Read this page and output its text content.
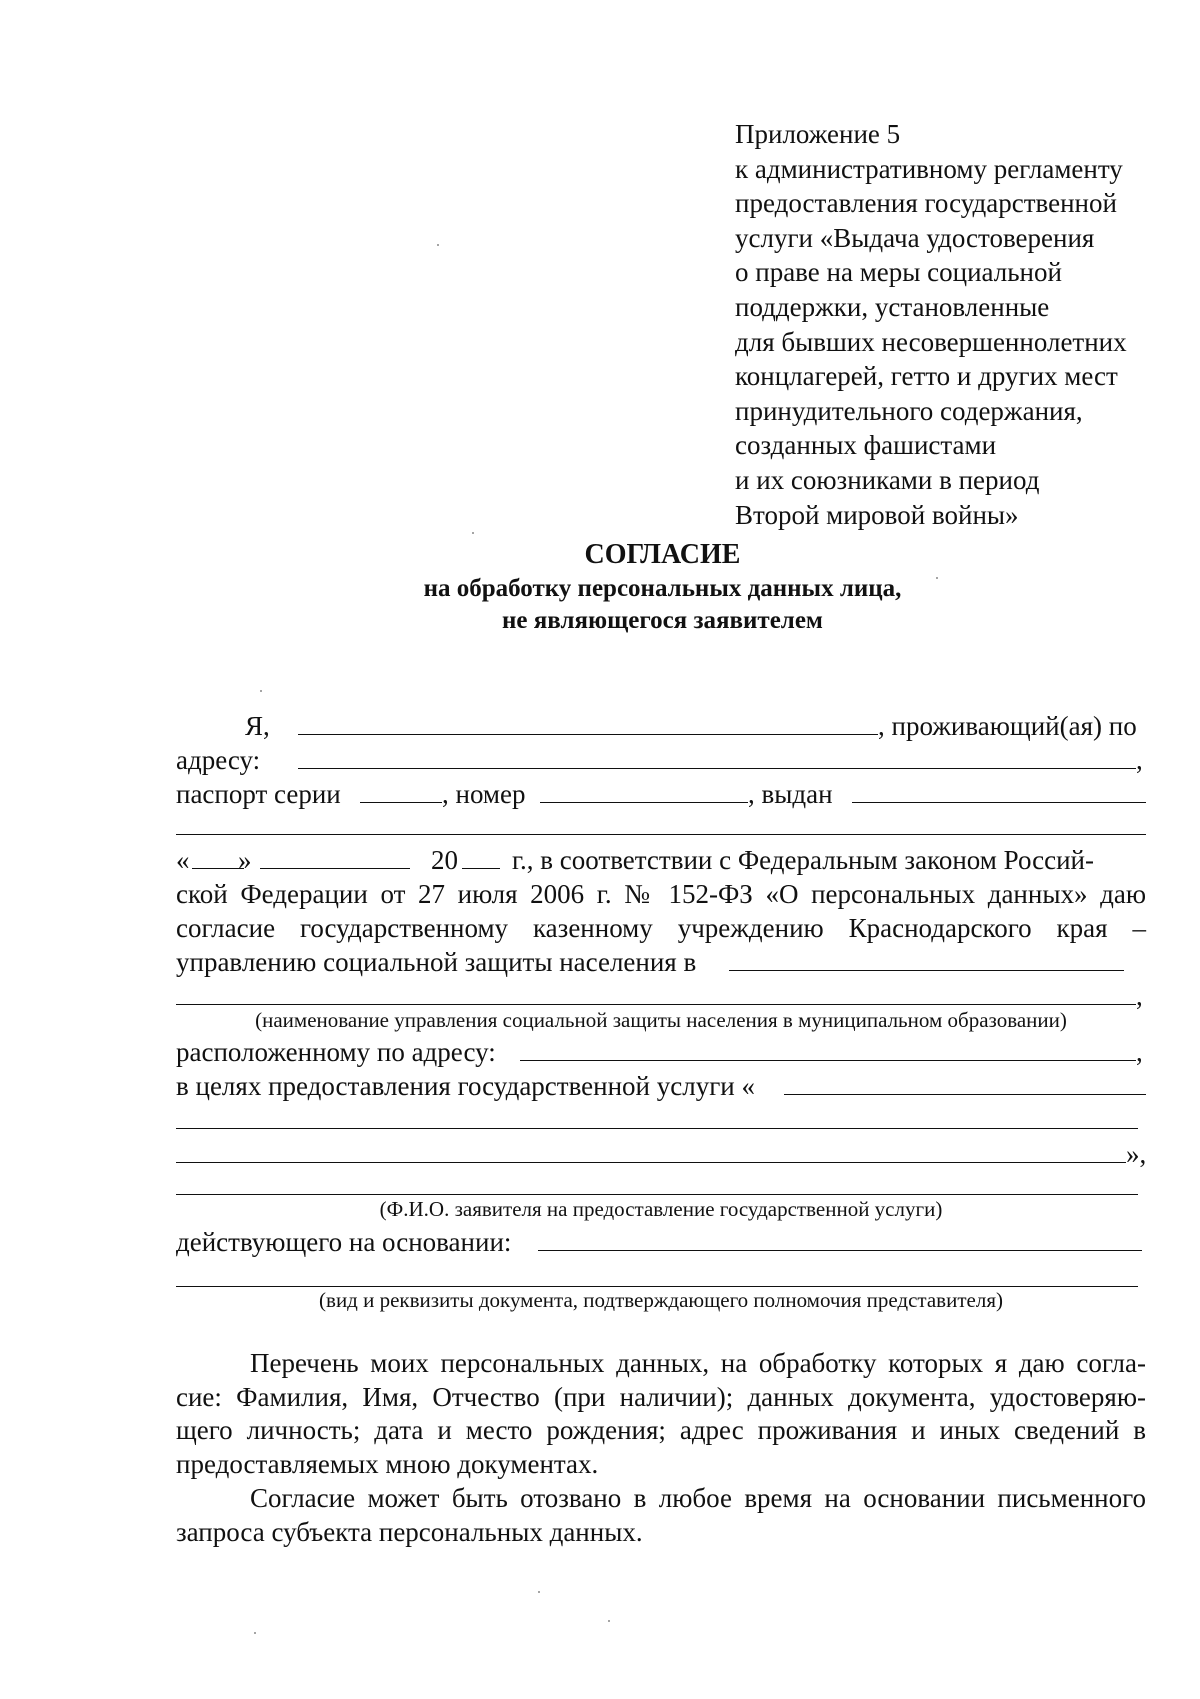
Приложение 5
к административному регламенту
предоставления государственной
услуги «Выдача удостоверения
о праве на меры социальной
поддержки, установленные
для бывших несовершеннолетних
концлагерей, гетто и других мест
принудительного содержания,
созданных фашистами
и их союзниками в период
Второй мировой войны»
СОГЛАСИЕ
на обработку персональных данных лица,
не являющегося заявителем
Я,	, проживающий(ая) по
адресу:	,
паспорт серии	, номер	, выдан
« »	20 г., в соответствии с Федеральным законом Россий-
ской Федерации от 27 июля 2006 г. № 152-ФЗ «О персональных данных» даю
согласие государственному казенному учреждению Краснодарского края –
управлению социальной защиты населения в
,
(наименование управления социальной защиты населения в муниципальном образовании)
расположенному по адресу:	,
в целях предоставления государственной услуги «
»,
(Ф.И.О. заявителя на предоставление государственной услуги)
действующего на основании:
(вид и реквизиты документа, подтверждающего полномочия представителя)
Перечень моих персональных данных, на обработку которых я даю согла-
сие: Фамилия, Имя, Отчество (при наличии); данных документа, удостоверяю-
щего личность; дата и место рождения; адрес проживания и иных сведений в
предоставляемых мною документах.
Согласие может быть отозвано в любое время на основании письменного
запроса субъекта персональных данных.
